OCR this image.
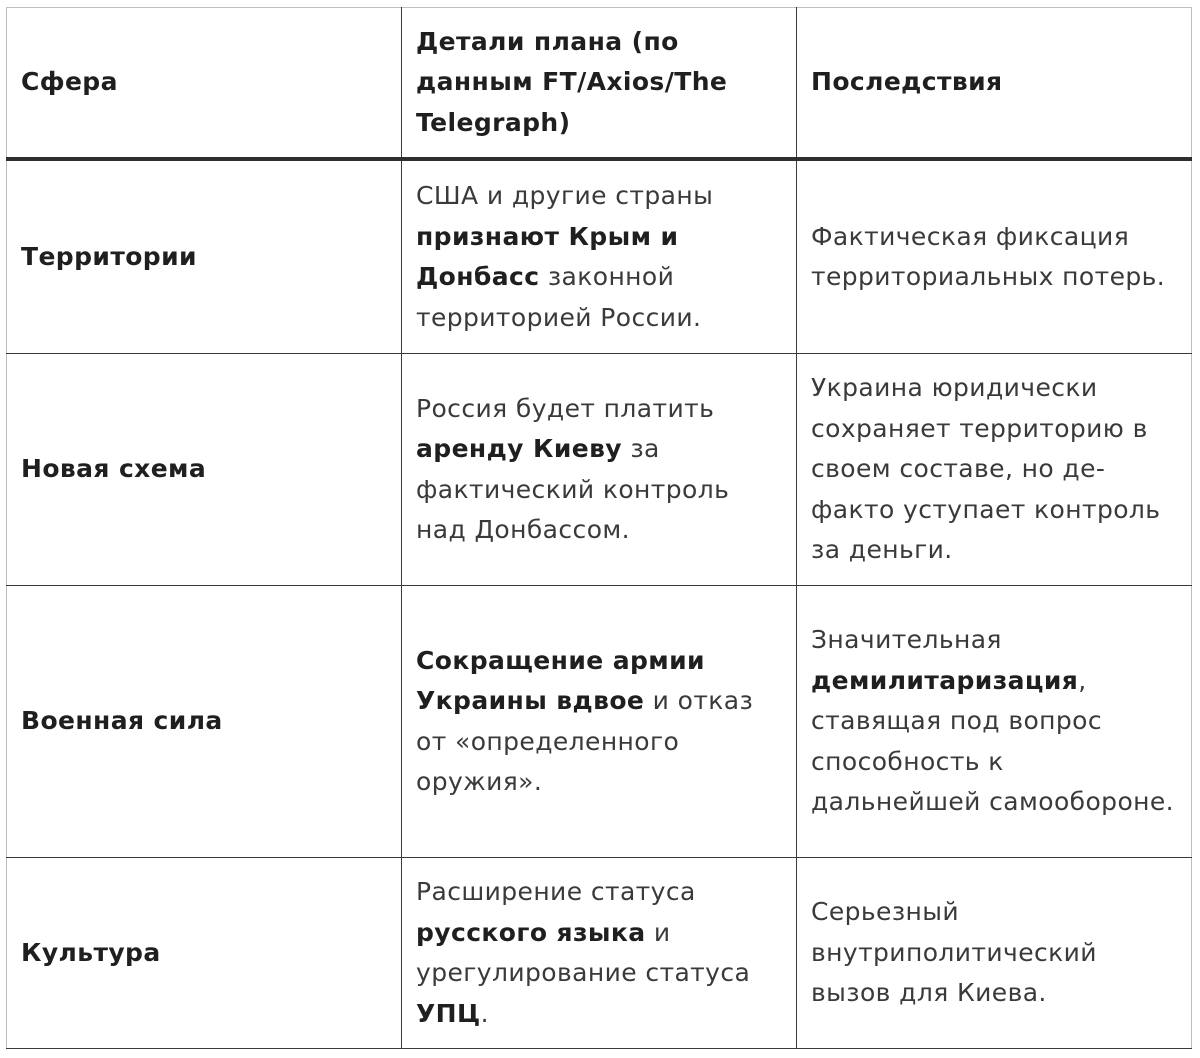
Сфера	Детали плана (по данным FT/Axios/The Telegraph)	Последствия
Территории	США и другие страны признают Крым и Донбасс законной территорией России.	Фактическая фиксация территориальных потерь.
Новая схема	Россия будет платить аренду Киеву за фактический контроль над Донбассом.	Украина юридически сохраняет территорию в своем составе, но де-факто уступает контроль за деньги.
Военная сила	Сокращение армии Украины вдвое и отказ от «определенного оружия».	Значительная демилитаризация, ставящая под вопрос способность к дальнейшей самообороне.
Культура	Расширение статуса русского языка и урегулирование статуса УПЦ.	Серьезный внутриполитический вызов для Киева.
